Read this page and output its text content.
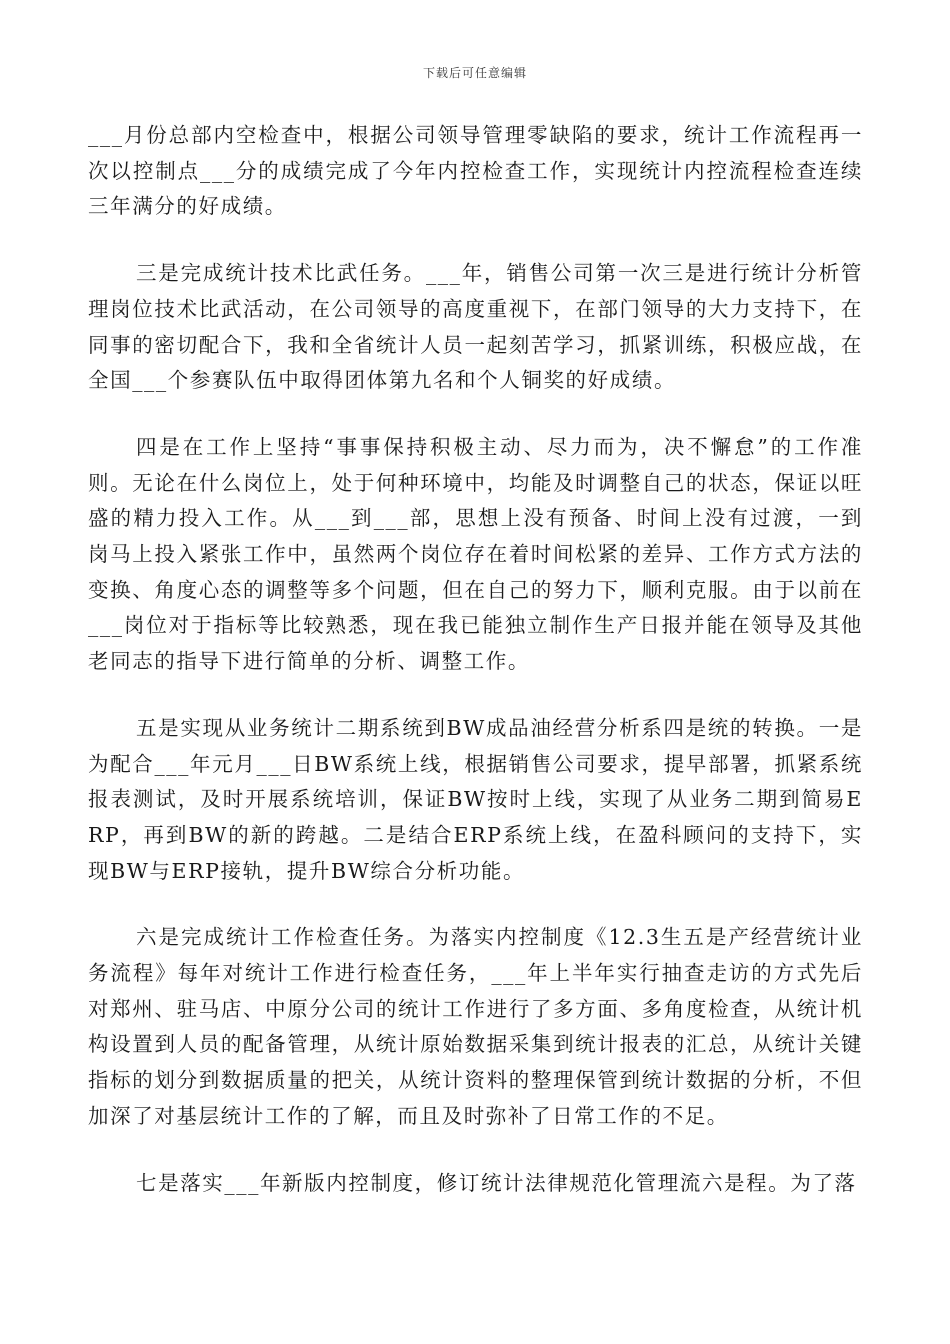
下载后可任意编辑

___月份总部内空检查中，根据公司领导管理零缺陷的要求，统计工作流程再一次以控制点___分的成绩完成了今年内控检查工作，实现统计内控流程检查连续三年满分的好成绩。

三是完成统计技术比武任务。___年，销售公司第一次三是进行统计分析管理岗位技术比武活动，在公司领导的高度重视下，在部门领导的大力支持下，在同事的密切配合下，我和全省统计人员一起刻苦学习，抓紧训练，积极应战，在全国___个参赛队伍中取得团体第九名和个人铜奖的好成绩。

四是在工作上坚持“事事保持积极主动、尽力而为，决不懈怠”的工作准则。无论在什么岗位上，处于何种环境中，均能及时调整自己的状态，保证以旺盛的精力投入工作。从___到___部，思想上没有预备、时间上没有过渡，一到岗马上投入紧张工作中，虽然两个岗位存在着时间松紧的差异、工作方式方法的变换、角度心态的调整等多个问题，但在自己的努力下，顺利克服。由于以前在___岗位对于指标等比较熟悉，现在我已能独立制作生产日报并能在领导及其他老同志的指导下进行简单的分析、调整工作。

五是实现从业务统计二期系统到BW成品油经营分析系四是统的转换。一是为配合___年元月___日BW系统上线，根据销售公司要求，提早部署，抓紧系统报表测试，及时开展系统培训，保证BW按时上线，实现了从业务二期到简易ERP，再到BW的新的跨越。二是结合ERP系统上线，在盈科顾问的支持下，实现BW与ERP接轨，提升BW综合分析功能。

六是完成统计工作检查任务。为落实内控制度《12.3生五是产经营统计业务流程》每年对统计工作进行检查任务，___年上半年实行抽查走访的方式先后对郑州、驻马店、中原分公司的统计工作进行了多方面、多角度检查，从统计机构设置到人员的配备管理，从统计原始数据采集到统计报表的汇总，从统计关键指标的划分到数据质量的把关，从统计资料的整理保管到统计数据的分析，不但加深了对基层统计工作的了解，而且及时弥补了日常工作的不足。

七是落实___年新版内控制度，修订统计法律规范化管理流六是程。为了落
